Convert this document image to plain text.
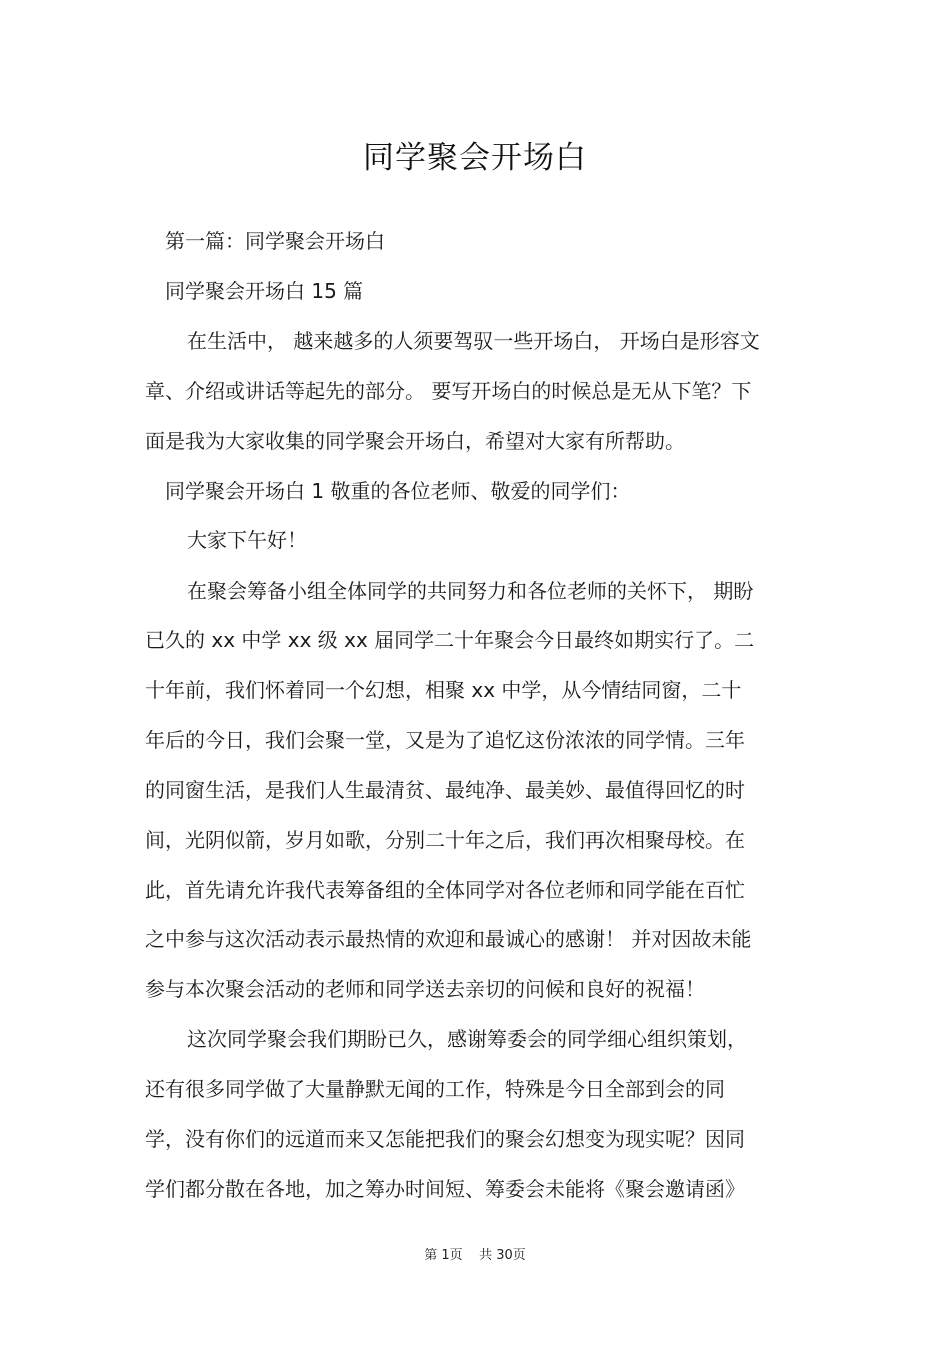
同学聚会开场白

第一篇：同学聚会开场白

同学聚会开场白 15 篇

在生活中， 越来越多的人须要驾驭一些开场白， 开场白是形容文

章、介绍或讲话等起先的部分。 要写开场白的时候总是无从下笔？下

面是我为大家收集的同学聚会开场白，希望对大家有所帮助。

同学聚会开场白 1 敬重的各位老师、敬爱的同学们：

大家下午好！

在聚会筹备小组全体同学的共同努力和各位老师的关怀下， 期盼

已久的 xx 中学 xx 级 xx 届同学二十年聚会今日最终如期实行了。二

十年前，我们怀着同一个幻想，相聚 xx 中学，从今情结同窗，二十

年后的今日，我们会聚一堂，又是为了追忆这份浓浓的同学情。三年

的同窗生活，是我们人生最清贫、最纯净、最美妙、最值得回忆的时

间，光阴似箭，岁月如歌，分别二十年之后，我们再次相聚母校。在

此，首先请允许我代表筹备组的全体同学对各位老师和同学能在百忙

之中参与这次活动表示最热情的欢迎和最诚心的感谢！ 并对因故未能

参与本次聚会活动的老师和同学送去亲切的问候和良好的祝福！

这次同学聚会我们期盼已久，感谢筹委会的同学细心组织策划，

还有很多同学做了大量静默无闻的工作，特殊是今日全部到会的同

学，没有你们的远道而来又怎能把我们的聚会幻想变为现实呢？因同

学们都分散在各地，加之筹办时间短、筹委会未能将《聚会邀请函》

第 1页    共 30页
